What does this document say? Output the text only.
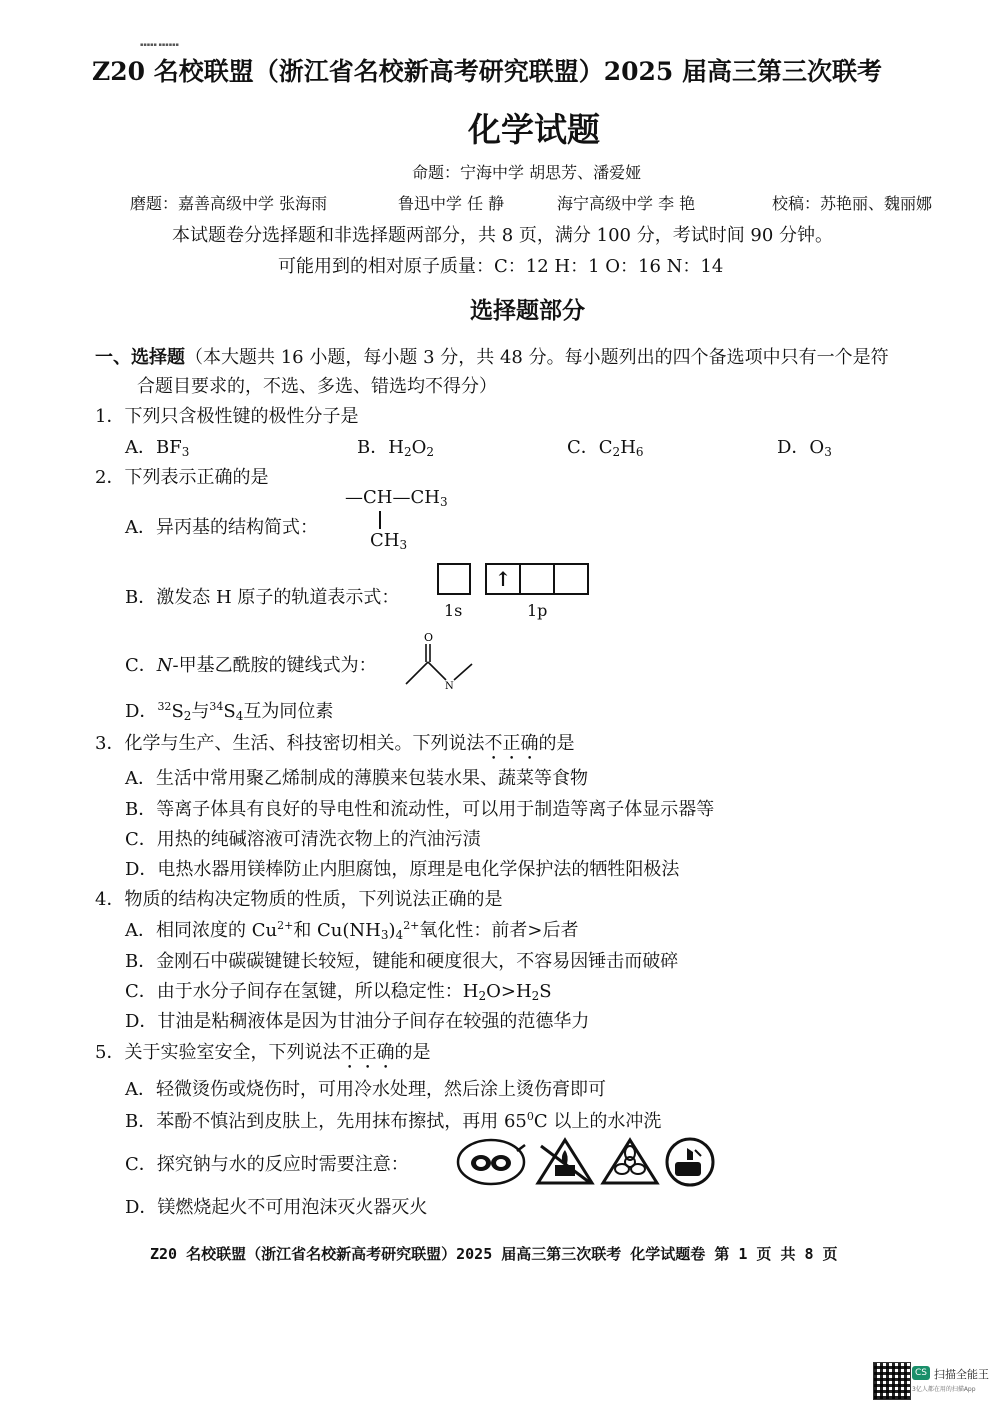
▪▪▪▪▪ ▪▪▪▪▪▪
Z20 名校联盟（浙江省名校新高考研究联盟）2025 届高三第三次联考
化学试题
命题：宁海中学 胡思芳、潘爱娅
磨题：嘉善高级中学 张海雨	鲁迅中学 任 静	海宁高级中学 李 艳	校稿：苏艳丽、魏丽娜
本试题卷分选择题和非选择题两部分，共 8 页，满分 100 分，考试时间 90 分钟。
可能用到的相对原子质量：C：12 H：1 O：16 N：14
选择题部分
一、选择题（本大题共 16 小题，每小题 3 分，共 48 分。每小题列出的四个备选项中只有一个是符
合题目要求的，不选、多选、错选均不得分）
1．下列只含极性键的极性分子是
A．$BF_3$	B．$H_2O_2$	C．$C_2H_6$	D．$O_3$
2．下列表示正确的是
A．异丙基的结构简式：
$—CH—CH_3$
$CH_3$
B．激发态 H 原子的轨道表示式：
↑
1s	1p
C．N-甲基乙酰胺的键线式为：
O
N
D．$^{32}S_2$与$^{34}S_4$互为同位素
3．化学与生产、生活、科技密切相关。下列说法不正确的是
A．生活中常用聚乙烯制成的薄膜来包装水果、蔬菜等食物
B．等离子体具有良好的导电性和流动性，可以用于制造等离子体显示器等
C．用热的纯碱溶液可清洗衣物上的汽油污渍
D．电热水器用镁棒防止内胆腐蚀，原理是电化学保护法的牺牲阳极法
4．物质的结构决定物质的性质，下列说法正确的是
A．相同浓度的 $Cu^{2+}$和 $Cu(NH_3)_4^{2+}$氧化性：前者>后者
B．金刚石中碳碳键键长较短，键能和硬度很大，不容易因锤击而破碎
C．由于水分子间存在氢键，所以稳定性：$H_2O>H_2S$
D．甘油是粘稠液体是因为甘油分子间存在较强的范德华力
5．关于实验室安全，下列说法不正确的是
A．轻微烫伤或烧伤时，可用冷水处理，然后涂上烫伤膏即可
B．苯酚不慎沾到皮肤上，先用抹布擦拭，再用 $65^0C$ 以上的水冲洗
C．探究钠与水的反应时需要注意：
D．镁燃烧起火不可用泡沫灭火器灭火
Z20 名校联盟（浙江省名校新高考研究联盟）2025 届高三第三次联考 化学试题卷 第 1 页 共 8 页
CS 扫描全能王
3亿人都在用的扫描App
